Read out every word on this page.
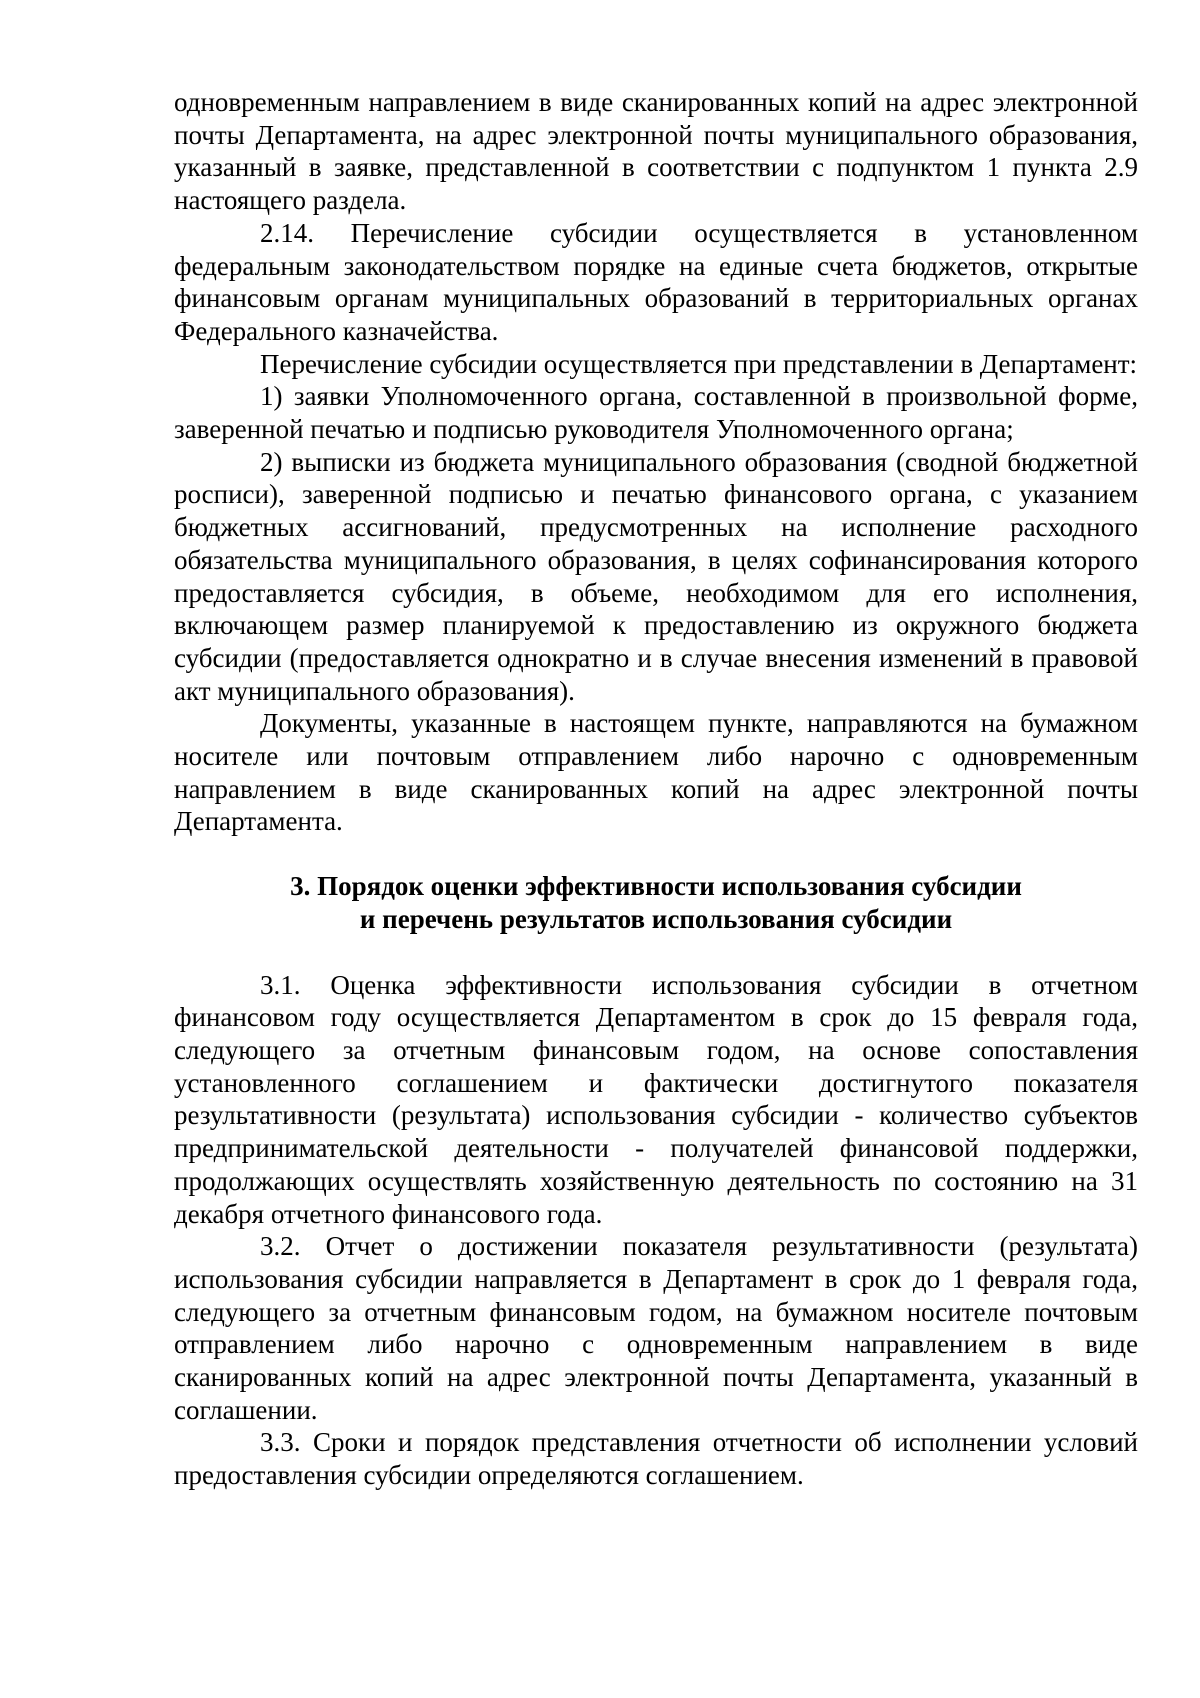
одновременным направлением в виде сканированных копий на адрес электронной почты Департамента, на адрес электронной почты муниципального образования, указанный в заявке, представленной в соответствии с подпунктом 1 пункта 2.9 настоящего раздела.

2.14. Перечисление субсидии осуществляется в установленном федеральным законодательством порядке на единые счета бюджетов, открытые финансовым органам муниципальных образований в территориальных органах Федерального казначейства.

Перечисление субсидии осуществляется при представлении в Департамент:

1) заявки Уполномоченного органа, составленной в произвольной форме, заверенной печатью и подписью руководителя Уполномоченного органа;

2) выписки из бюджета муниципального образования (сводной бюджетной росписи), заверенной подписью и печатью финансового органа, с указанием бюджетных ассигнований, предусмотренных на исполнение расходного обязательства муниципального образования, в целях софинансирования которого предоставляется субсидия, в объеме, необходимом для его исполнения, включающем размер планируемой к предоставлению из окружного бюджета субсидии (предоставляется однократно и в случае внесения изменений в правовой акт муниципального образования).

Документы, указанные в настоящем пункте, направляются на бумажном носителе или почтовым отправлением либо нарочно с одновременным направлением в виде сканированных копий на адрес электронной почты Департамента.

3. Порядок оценки эффективности использования субсидии
и перечень результатов использования субсидии

3.1. Оценка эффективности использования субсидии в отчетном финансовом году осуществляется Департаментом в срок до 15 февраля года, следующего за отчетным финансовым годом, на основе сопоставления установленного соглашением и фактически достигнутого показателя результативности (результата) использования субсидии - количество субъектов предпринимательской деятельности - получателей финансовой поддержки, продолжающих осуществлять хозяйственную деятельность по состоянию на 31 декабря отчетного финансового года.

3.2. Отчет о достижении показателя результативности (результата) использования субсидии направляется в Департамент в срок до 1 февраля года, следующего за отчетным финансовым годом, на бумажном носителе почтовым отправлением либо нарочно с одновременным направлением в виде сканированных копий на адрес электронной почты Департамента, указанный в соглашении.

3.3. Сроки и порядок представления отчетности об исполнении условий предоставления субсидии определяются соглашением.
